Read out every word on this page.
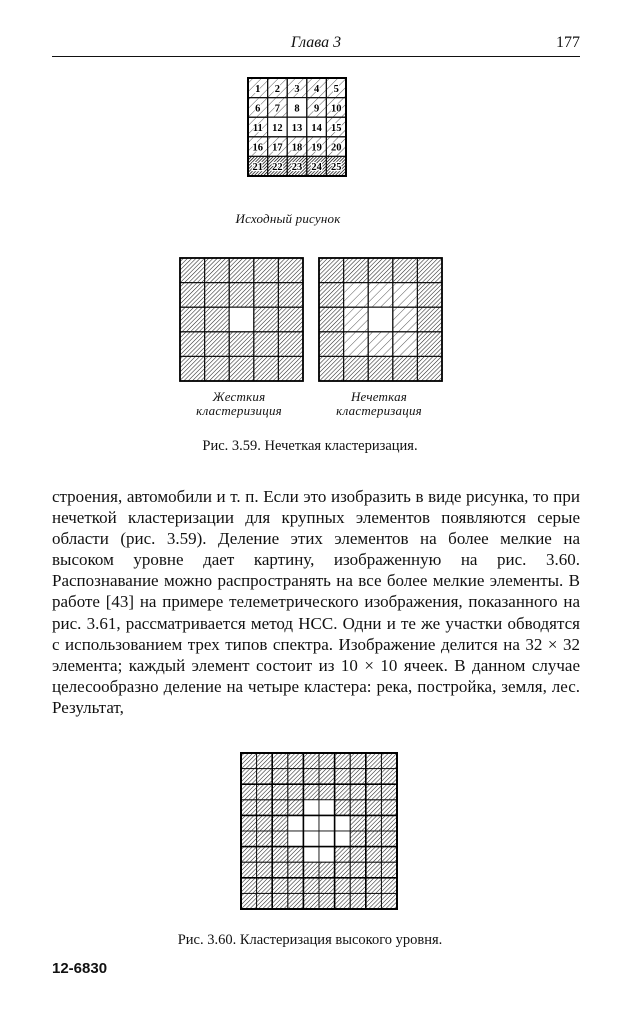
Глава 3	177
1 2 3 4 5
6 7 8 9 10
11 12 13 14 15
16 17 18 19 20
21 22 23 24 25
Исходный рисунок
Жесткия
кластеризиция
Нечеткая
кластеризация
Рис. 3.59. Нечеткая кластеризация.

строения, автомобили и т. п. Если это изобразить в виде рисунка, то при нечеткой кластеризации для крупных элементов появляются серые области (рис. 3.59). Деление этих элементов на более мелкие на высоком уровне дает картину, изображенную на рис. 3.60. Распознавание можно распространять на все более мелкие элементы. В работе [43] на примере телеметрического изображения, показанного на рис. 3.61, рассматривается метод НСС. Одни и те же участки обводятся с использованием трех типов спектра. Изображение делится на 32 × 32 элемента; каждый элемент состоит из 10 × 10 ячеек. В данном случае целесообразно деление на четыре кластера: река, постройка, земля, лес. Результат,

Рис. 3.60. Кластеризация высокого уровня.
12-6830
